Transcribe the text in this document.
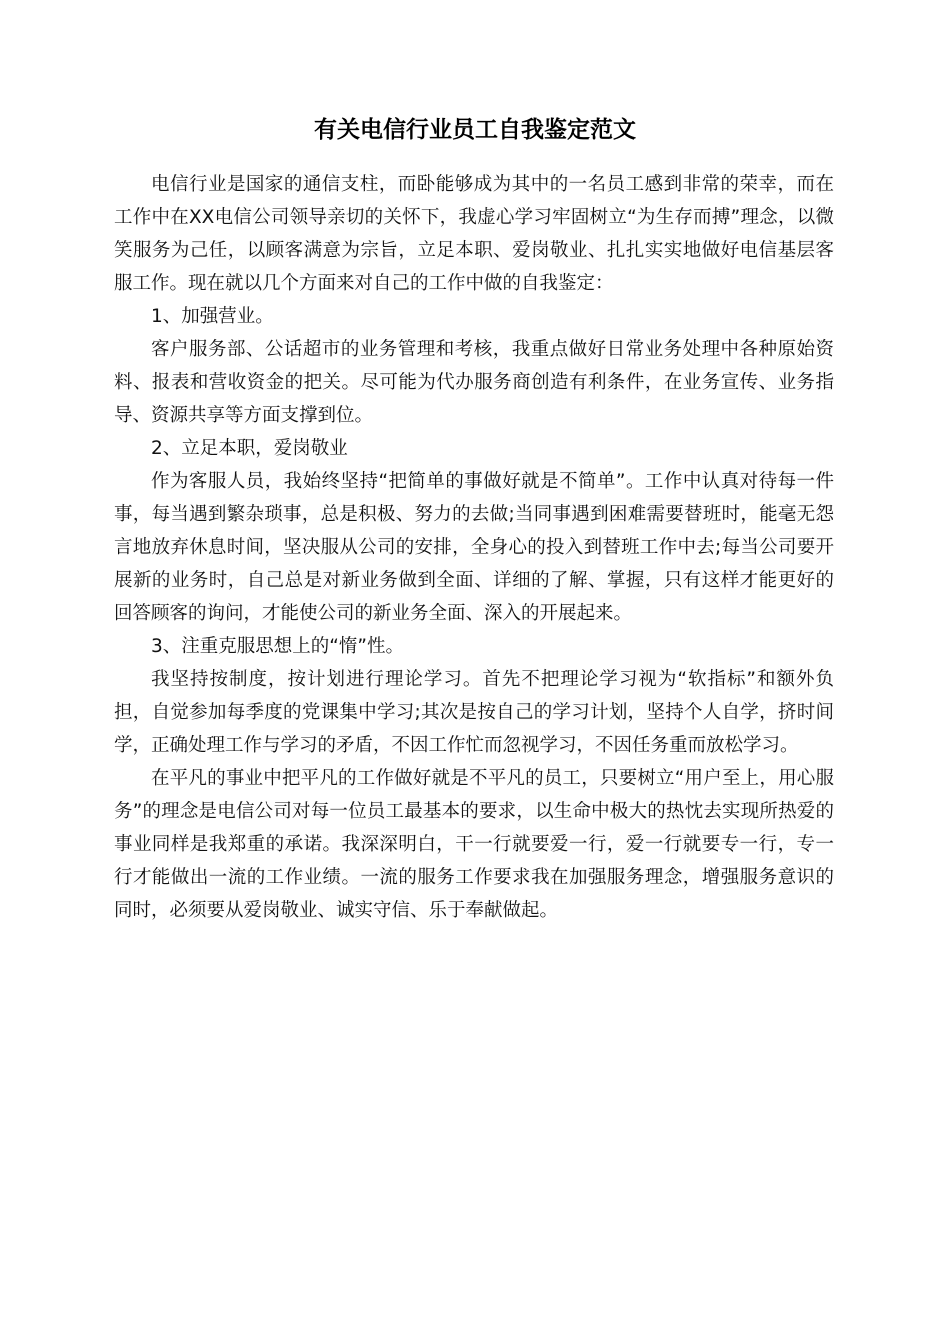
有关电信行业员工自我鉴定范文

电信行业是国家的通信支柱，而卧能够成为其中的一名员工感到非常的荣幸，而在工作中在XX电信公司领导亲切的关怀下，我虚心学习牢固树立“为生存而搏”理念，以微笑服务为己任，以顾客满意为宗旨，立足本职、爱岗敬业、扎扎实实地做好电信基层客服工作。现在就以几个方面来对自己的工作中做的自我鉴定：

1、加强营业。

客户服务部、公话超市的业务管理和考核，我重点做好日常业务处理中各种原始资料、报表和营收资金的把关。尽可能为代办服务商创造有利条件，在业务宣传、业务指导、资源共享等方面支撑到位。

2、立足本职，爱岗敬业

作为客服人员，我始终坚持“把简单的事做好就是不简单”。工作中认真对待每一件事，每当遇到繁杂琐事，总是积极、努力的去做;当同事遇到困难需要替班时，能毫无怨言地放弃休息时间，坚决服从公司的安排，全身心的投入到替班工作中去;每当公司要开展新的业务时，自己总是对新业务做到全面、详细的了解、掌握，只有这样才能更好的回答顾客的询问，才能使公司的新业务全面、深入的开展起来。

3、注重克服思想上的“惰”性。

我坚持按制度，按计划进行理论学习。首先不把理论学习视为“软指标”和额外负担，自觉参加每季度的党课集中学习;其次是按自己的学习计划，坚持个人自学，挤时间学，正确处理工作与学习的矛盾，不因工作忙而忽视学习，不因任务重而放松学习。

在平凡的事业中把平凡的工作做好就是不平凡的员工，只要树立“用户至上，用心服务”的理念是电信公司对每一位员工最基本的要求，以生命中极大的热忱去实现所热爱的事业同样是我郑重的承诺。我深深明白，干一行就要爱一行，爱一行就要专一行，专一行才能做出一流的工作业绩。一流的服务工作要求我在加强服务理念，增强服务意识的同时，必须要从爱岗敬业、诚实守信、乐于奉献做起。
